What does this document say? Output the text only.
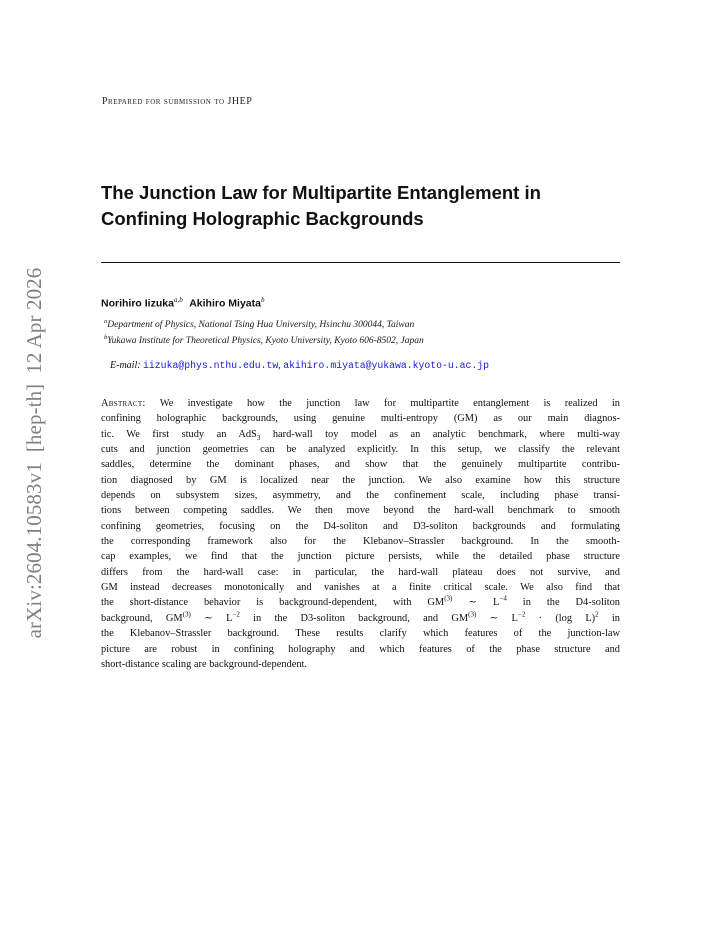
arXiv:2604.10583v1[hep-th]12 Apr 2026
Prepared for submission to JHEP
The Junction Law for Multipartite Entanglement in
Confining Holographic Backgrounds
Norihiro Iizuka$^{a,b}$ Akihiro Miyata$^b$
$^a$Department of Physics, National Tsing Hua University, Hsinchu 300044, Taiwan
$^b$Yukawa Institute for Theoretical Physics, Kyoto University, Kyoto 606-8502, Japan
E-mail: iizuka@phys.nthu.edu.tw, akihiro.miyata@yukawa.kyoto-u.ac.jp
Abstract: We investigate how the junction law for multipartite entanglement is realized in
confining holographic backgrounds, using genuine multi-entropy (GM) as our main diagnos-
tic. We first study an AdS$_3$ hard-wall toy model as an analytic benchmark, where multi-way
cuts and junction geometries can be analyzed explicitly. In this setup, we classify the relevant
saddles, determine the dominant phases, and show that the genuinely multipartite contribu-
tion diagnosed by GM is localized near the junction. We also examine how this structure
depends on subsystem sizes, asymmetry, and the confinement scale, including phase transi-
tions between competing saddles. We then move beyond the hard-wall benchmark to smooth
confining geometries, focusing on the D4-soliton and D3-soliton backgrounds and formulating
the corresponding framework also for the Klebanov–Strassler background. In the smooth-
cap examples, we find that the junction picture persists, while the detailed phase structure
differs from the hard-wall case: in particular, the hard-wall plateau does not survive, and
GM instead decreases monotonically and vanishes at a finite critical scale. We also find that
the short-distance behavior is background-dependent, with GM$^{(3)}$ ∼ $L^{-4}$ in the D4-soliton
background, GM$^{(3)}$ ∼ $L^{-2}$ in the D3-soliton background, and GM$^{(3)}$ ∼ $L^{-2} \cdot (\log$ L)$^2$ in
the Klebanov–Strassler background. These results clarify which features of the junction-law
picture are robust in confining holography and which features of the phase structure and
short-distance scaling are background-dependent.
